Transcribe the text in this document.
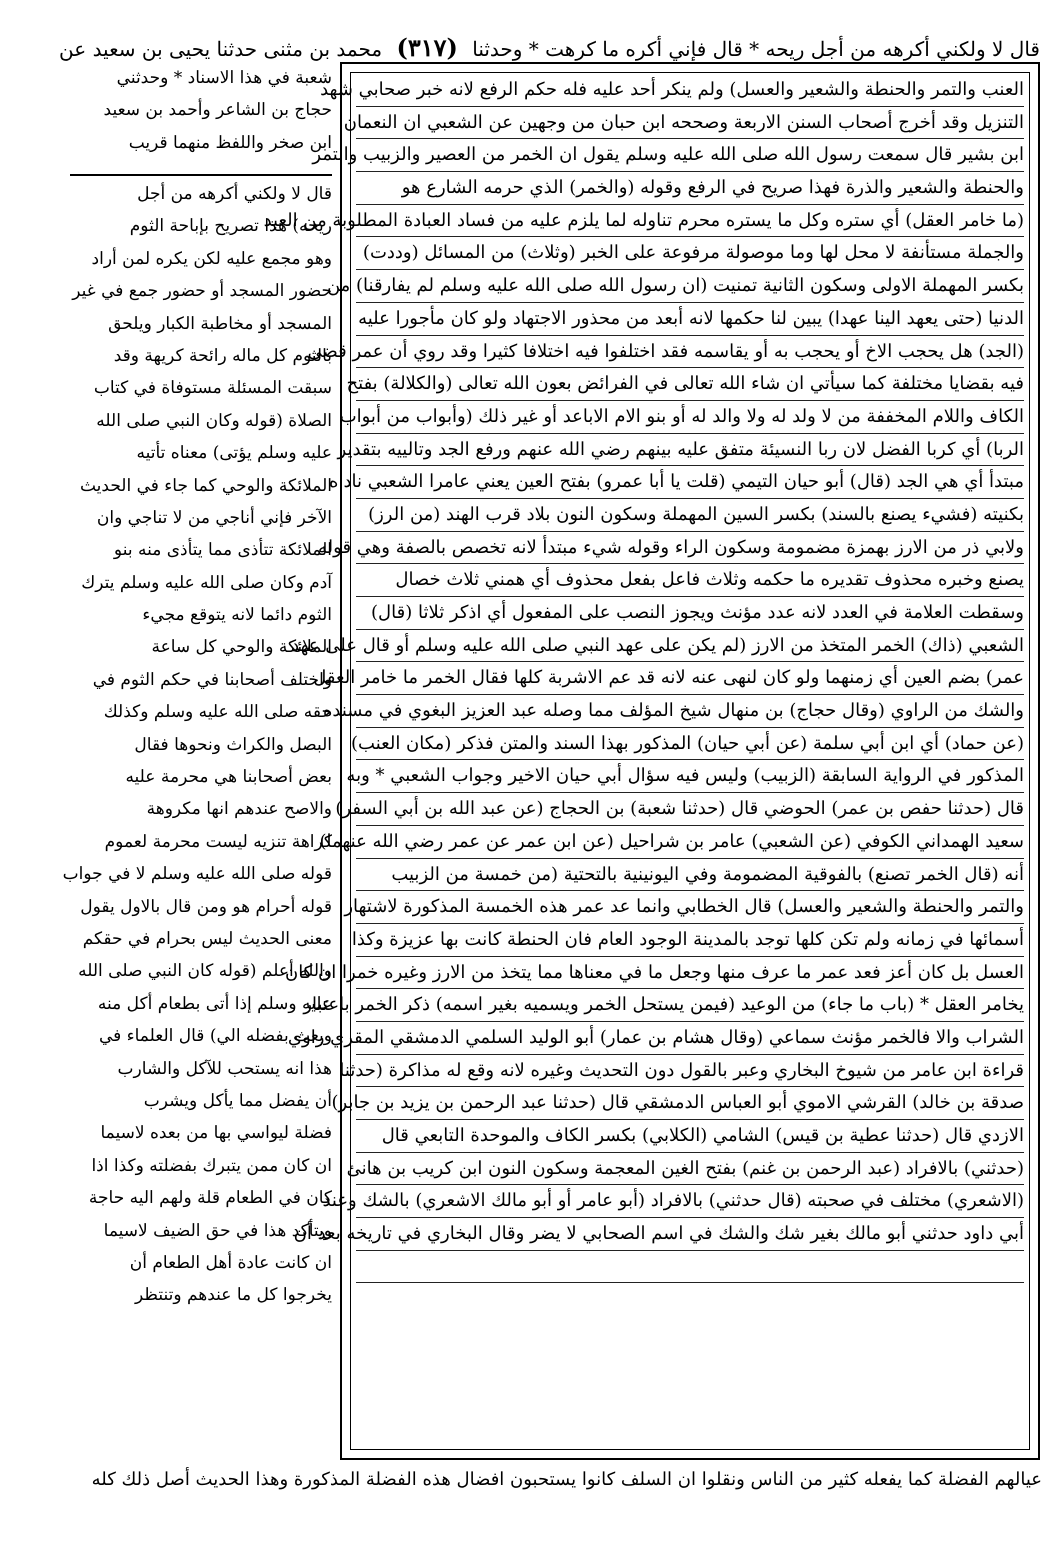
قال لا ولكني أكرهه من أجل ريحه * قال فإني أكره ما كرهت * وحدثنا (٣١٧) محمد بن مثنى حدثنا يحيى بن سعيد عن
العنب والتمر والحنطة والشعير والعسل) ولم ينكر أحد عليه فله حكم الرفع لانه خبر صحابي شهد
التنزيل وقد أخرج أصحاب السنن الاربعة وصححه ابن حبان من وجهين عن الشعبي ان النعمان
ابن بشير قال سمعت رسول الله صلى الله عليه وسلم يقول ان الخمر من العصير والزبيب والتمر
والحنطة والشعير والذرة فهذا صريح في الرفع وقوله (والخمر) الذي حرمه الشارع هو
(ما خامر العقل) أي ستره وكل ما يستره محرم تناوله لما يلزم عليه من فساد العبادة المطلوبة من العبد
والجملة مستأنفة لا محل لها وما موصولة مرفوعة على الخبر (وثلاث) من المسائل (وددت)
بكسر المهملة الاولى وسكون الثانية تمنيت (ان رسول الله صلى الله عليه وسلم لم يفارقنا) من
الدنيا (حتى يعهد الينا عهدا) يبين لنا حكمها لانه أبعد من محذور الاجتهاد ولو كان مأجورا عليه
(الجد) هل يحجب الاخ أو يحجب به أو يقاسمه فقد اختلفوا فيه اختلافا كثيرا وقد روي أن عمر قضى
فيه بقضايا مختلفة كما سيأتي ان شاء الله تعالى في الفرائض بعون الله تعالى (والكلالة) بفتح
الكاف واللام المخففة من لا ولد له ولا والد له أو بنو الام الاباعد أو غير ذلك (وأبواب من أبواب
الربا) أي كربا الفضل لان ربا النسيئة متفق عليه بينهم رضي الله عنهم ورفع الجد وتالييه بتقدير
مبتدأ أي هي الجد (قال) أبو حيان التيمي (قلت يا أبا عمرو) بفتح العين يعني عامرا الشعبي ناداه
بكنيته (فشيء يصنع بالسند) بكسر السين المهملة وسكون النون بلاد قرب الهند (من الرز)
ولابي ذر من الارز بهمزة مضمومة وسكون الراء وقوله شيء مبتدأ لانه تخصص بالصفة وهي قوله
يصنع وخبره محذوف تقديره ما حكمه وثلاث فاعل بفعل محذوف أي همني ثلاث خصال
وسقطت العلامة في العدد لانه عدد مؤنث ويجوز النصب على المفعول أي اذكر ثلاثا (قال)
الشعبي (ذاك) الخمر المتخذ من الارز (لم يكن على عهد النبي صلى الله عليه وسلم أو قال على عهد
عمر) بضم العين أي زمنهما ولو كان لنهى عنه لانه قد عم الاشربة كلها فقال الخمر ما خامر العقل
والشك من الراوي (وقال حجاج) بن منهال شيخ المؤلف مما وصله عبد العزيز البغوي في مسنده
(عن حماد) أي ابن أبي سلمة (عن أبي حيان) المذكور بهذا السند والمتن فذكر (مكان العنب)
المذكور في الرواية السابقة (الزبيب) وليس فيه سؤال أبي حيان الاخير وجواب الشعبي * وبه
قال (حدثنا حفص بن عمر) الحوضي قال (حدثنا شعبة) بن الحجاج (عن عبد الله بن أبي السفر)
سعيد الهمداني الكوفي (عن الشعبي) عامر بن شراحيل (عن ابن عمر عن عمر رضي الله عنهما)
أنه (قال الخمر تصنع) بالفوقية المضمومة وفي اليونينية بالتحتية (من خمسة من الزبيب
والتمر والحنطة والشعير والعسل) قال الخطابي وانما عد عمر هذه الخمسة المذكورة لاشتهار
أسمائها في زمانه ولم تكن كلها توجد بالمدينة الوجود العام فان الحنطة كانت بها عزيزة وكذا
العسل بل كان أعز فعد عمر ما عرف منها وجعل ما في معناها مما يتخذ من الارز وغيره خمرا ان كان
يخامر العقل * (باب ما جاء) من الوعيد (فيمن يستحل الخمر ويسميه بغير اسمه) ذكر الخمر باعتبار
الشراب والا فالخمر مؤنث سماعي (وقال هشام بن عمار) أبو الوليد السلمي الدمشقي المقري راوي
قراءة ابن عامر من شيوخ البخاري وعبر بالقول دون التحديث وغيره لانه وقع له مذاكرة (حدثنا
صدقة بن خالد) القرشي الاموي أبو العباس الدمشقي قال (حدثنا عبد الرحمن بن يزيد بن جابر)
الازدي قال (حدثنا عطية بن قيس) الشامي (الكلابي) بكسر الكاف والموحدة التابعي قال
(حدثني) بالافراد (عبد الرحمن بن غنم) بفتح الغين المعجمة وسكون النون ابن كريب بن هانئ
(الاشعري) مختلف في صحبته (قال حدثني) بالافراد (أبو عامر أو أبو مالك الاشعري) بالشك وعند
أبي داود حدثني أبو مالك بغير شك والشك في اسم الصحابي لا يضر وقال البخاري في تاريخه بعد أن
شعبة في هذا الاسناد * وحدثني
حجاج بن الشاعر وأحمد بن سعيد
ابن صخر واللفظ منهما قريب
قال لا ولكني أكرهه من أجل
ريحه) هذا تصريح بإباحة الثوم
وهو مجمع عليه لكن يكره لمن أراد
حضور المسجد أو حضور جمع في غير
المسجد أو مخاطبة الكبار ويلحق
بالثوم كل ماله رائحة كريهة وقد
سبقت المسئلة مستوفاة في كتاب
الصلاة (قوله وكان النبي صلى الله
عليه وسلم يؤتى) معناه تأتيه
الملائكة والوحي كما جاء في الحديث
الآخر فإني أناجي من لا تناجي وان
الملائكة تتأذى مما يتأذى منه بنو
آدم وكان صلى الله عليه وسلم يترك
الثوم دائما لانه يتوقع مجيء
الملائكة والوحي كل ساعة
واختلف أصحابنا في حكم الثوم في
حقه صلى الله عليه وسلم وكذلك
البصل والكراث ونحوها فقال
بعض أصحابنا هي محرمة عليه
والاصح عندهم انها مكروهة
كراهة تنزيه ليست محرمة لعموم
قوله صلى الله عليه وسلم لا في جواب
قوله أحرام هو ومن قال بالاول يقول
معنى الحديث ليس بحرام في حقكم
والله أعلم (قوله كان النبي صلى الله
عليه وسلم إذا أتى بطعام أكل منه
وبعث بفضله الي) قال العلماء في
هذا انه يستحب للآكل والشارب
أن يفضل مما يأكل ويشرب
فضلة ليواسي بها من بعده لاسيما
ان كان ممن يتبرك بفضلته وكذا اذا
كان في الطعام قلة ولهم اليه حاجة
ويتأكد هذا في حق الضيف لاسيما
ان كانت عادة أهل الطعام أن
يخرجوا كل ما عندهم وتنتظر
عيالهم الفضلة كما يفعله كثير من الناس ونقلوا ان السلف كانوا يستحبون افضال هذه الفضلة المذكورة وهذا الحديث أصل ذلك كله
